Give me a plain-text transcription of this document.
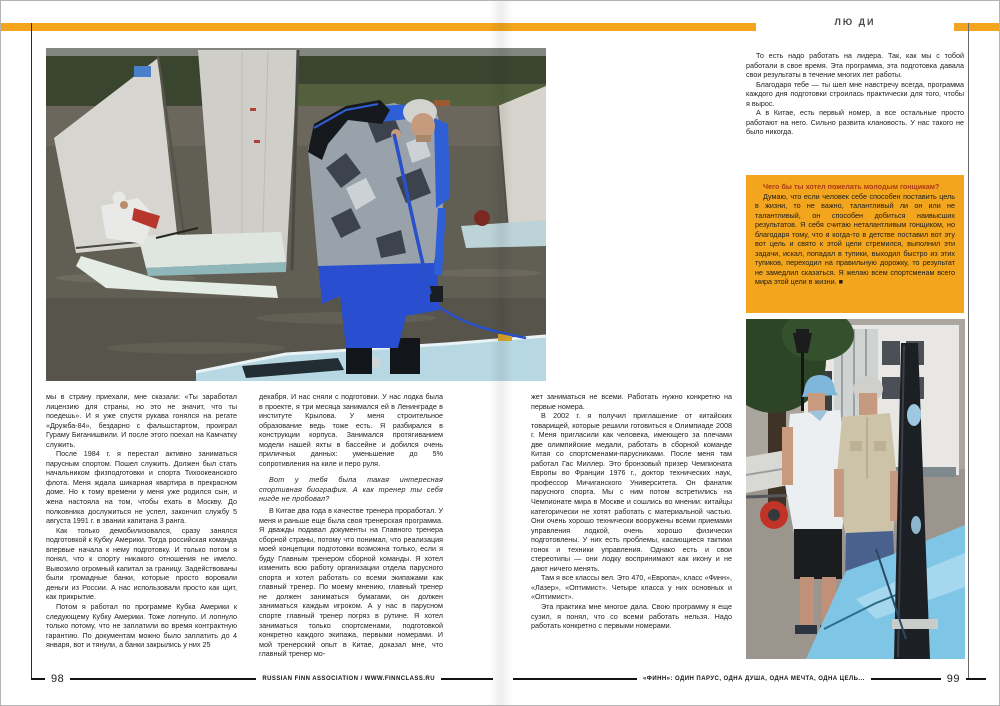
ЛЮ ДИ

мы в страну приехали, мне сказали: «Ты заработал лицензию для страны, но это не значит, что ты поедешь». И я уже спустя рукава гонялся на регате «Дружба-84», бездарно с фальшстартом, проиграл Гураму Биганишвили. И после этого поехал на Камчатку служить.

После 1984 г. я перестал активно заниматься парусным спортом. Пошел служить. Должен был стать начальником физподготовки и спорта Тихоокеанского флота. Меня ждала шикарная квартира в прекрасном доме. Но к тому времени у меня уже родился сын, и жена настояла на том, чтобы ехать в Москву. До полковника дослужиться не успел, закончил службу 5 августа 1991 г. в звании капитана 3 ранга.

Как только демобилизовался, сразу занялся подготовкой к Кубку Америки. Тогда российская команда впервые начала к нему подготовку. И только потом я понял, что к спорту никакого отношения не имело. Вывозило огромный капитал за границу. Задействованы были громадные банки, которые просто воровали деньги из России. А нас использовали просто как щит, как прикрытие.

Потом я работал по программе Кубка Америки к следующему Кубку Америки. Тоже лопнуло. И лопнуло только потому, что не заплатили во время контрактную гарантию. По документам можно было заплатить до 4 января, вот и тянули, а банки закрылись у них 25

декабря. И нас сняли с подготовки. У нас лодка была в проекте, я три месяца занимался ей в Ленинграде в институте Крылова. У меня строительное образование ведь тоже есть. Я разбирался в конструкции корпуса. Занимался протягиванием модели нашей яхты в бассейне и добился очень приличных данных: уменьшение до 5% сопротивления на киле и перо руля.

Вот у тебя была такая интересная спортивная биография. А как тренер ты себя нигде не пробовал?

В Китае два года в качестве тренера проработал. У меня и раньше еще была своя тренерская программа. Я дважды подавал документы на Главного тренера сборной страны, потому что понимал, что реализация моей концепции подготовки возможна только, если я буду Главным тренером сборной команды. Я хотел изменить всю работу организации отдела парусного спорта и хотел работать со всеми экипажами как главный тренер. По моему мнению, главный тренер не должен заниматься бумагами, он должен заниматься каждым игроком. А у нас в парусном спорте главный тренер погряз в рутине. Я хотел заниматься только спортсменами, подготовкой конкретно каждого экипажа, первыми номерами. И мой тренерский опыт в Китае, доказал мне, что главный тренер мо-

жет заниматься не всеми. Работать нужно конкретно на первые номера.

В 2002 г. я получил приглашение от китайских товарищей, которые решили готовиться к Олимпиаде 2008 г. Меня пригласили как человека, имеющего за плечами две олимпийские медали, работать в сборной команде Китая со спортсменами-парусниками. После меня там работал Гас Миллер. Это бронзовый призер Чемпионата Европы во Франции 1976 г., доктор технических наук, профессор Мичиганского Университета. Он фанатик парусного спорта. Мы с ним потом встретились на Чемпионате мира в Москве и сошлись во мнении: китайцы категорически не хотят работать с материальной частью. Они очень хорошо технически вооружены всеми приемами управления лодкой, очень хорошо физически подготовлены. У них есть проблемы, касающиеся тактики гонок и техники управления. Однако есть и свои стереотипы — они лодку воспринимают как икону и не дают ничего менять.

Там я все классы вел. Это 470, «Европа», класс «Финн», «Лазер», «Оптимист». Четыре класса у них основных и «Оптимист».

Эта практика мне многое дала. Свою программу я еще сузил, я понял, что со всеми работать нельзя. Надо работать конкретно с первыми номерами.

То есть надо работать на лидера. Так, как мы с тобой работали в свое время. Эта программа, эта подготовка давала свои результаты в течение многих лет работы.

Благодаря тебе — ты шел мне навстречу всегда, программа каждого дня подготовки строилась практически для того, чтобы я вырос.

А в Китае, есть первый номер, а все остальные просто работают на него. Сильно развита клановость. У нас такого не было никогда.

Чего бы ты хотел пожелать молодым гонщикам?

Думаю, что если человек себе способен поставить цель в жизни, то не важно, талантливый ли он или не талантливый, он способен добиться наивысших результатов. Я себя считаю неталантливым гонщиком, но благодаря тому, что я когда-то в детстве поставил вот эту вот цель и свято к этой цели стремился, выполнил эти задачи, искал, попадал в тупики, выходил быстро из этих тупиков, переходил на правильную дорожку, то результат не замедлил сказаться. Я желаю всем спортсменам всего мира этой цели в жизни. ■

98	RUSSIAN FINN ASSOCIATION / WWW.FINNCLASS.RU	«ФИНН»: ОДИН ПАРУС, ОДНА ДУША, ОДНА МЕЧТА, ОДНА ЦЕЛЬ...	99
